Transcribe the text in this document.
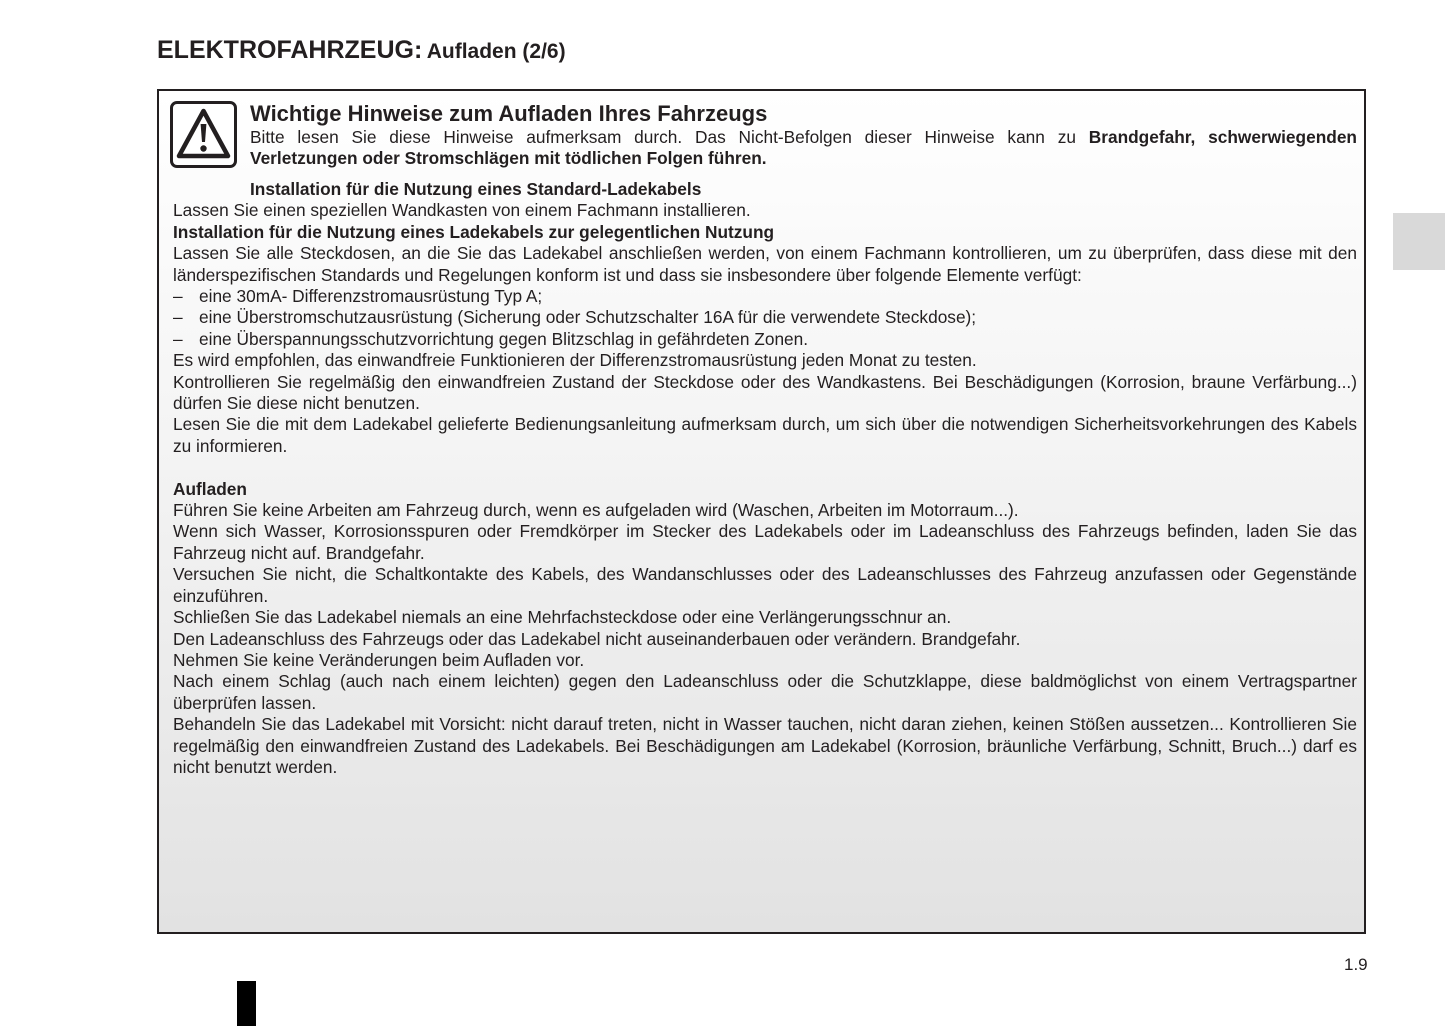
ELEKTROFAHRZEUG: Aufladen (2/6)
Wichtige Hinweise zum Aufladen Ihres Fahrzeugs
Bitte lesen Sie diese Hinweise aufmerksam durch. Das Nicht-Befolgen dieser Hinweise kann zu Brandgefahr, schwerwiegenden Verletzungen oder Stromschlägen mit tödlichen Folgen führen.

Installation für die Nutzung eines Standard-Ladekabels

Lassen Sie einen speziellen Wandkasten von einem Fachmann installieren.

Installation für die Nutzung eines Ladekabels zur gelegentlichen Nutzung

Lassen Sie alle Steckdosen, an die Sie das Ladekabel anschließen werden, von einem Fachmann kontrollieren, um zu überprüfen, dass diese mit den länderspezifischen Standards und Regelungen konform ist und dass sie insbesondere über folgende Elemente verfügt:

– eine 30mA- Differenzstromausrüstung Typ A;
– eine Überstromschutzausrüstung (Sicherung oder Schutzschalter 16A für die verwendete Steckdose);
– eine Überspannungsschutzvorrichtung gegen Blitzschlag in gefährdeten Zonen.

Es wird empfohlen, das einwandfreie Funktionieren der Differenzstromausrüstung jeden Monat zu testen.

Kontrollieren Sie regelmäßig den einwandfreien Zustand der Steckdose oder des Wandkastens. Bei Beschädigungen (Korrosion, braune Verfärbung...) dürfen Sie diese nicht benutzen.

Lesen Sie die mit dem Ladekabel gelieferte Bedienungsanleitung aufmerksam durch, um sich über die notwendigen Sicherheitsvorkehrungen des Kabels zu informieren.

Aufladen

Führen Sie keine Arbeiten am Fahrzeug durch, wenn es aufgeladen wird (Waschen, Arbeiten im Motorraum...).

Wenn sich Wasser, Korrosionsspuren oder Fremdkörper im Stecker des Ladekabels oder im Ladeanschluss des Fahrzeugs befinden, laden Sie das Fahrzeug nicht auf. Brandgefahr.

Versuchen Sie nicht, die Schaltkontakte des Kabels, des Wandanschlusses oder des Ladeanschlusses des Fahrzeug anzufassen oder Gegenstände einzuführen.

Schließen Sie das Ladekabel niemals an eine Mehrfachsteckdose oder eine Verlängerungsschnur an.

Den Ladeanschluss des Fahrzeugs oder das Ladekabel nicht auseinanderbauen oder verändern. Brandgefahr.

Nehmen Sie keine Veränderungen beim Aufladen vor.

Nach einem Schlag (auch nach einem leichten) gegen den Ladeanschluss oder die Schutzklappe, diese baldmöglichst von einem Vertragspartner überprüfen lassen.

Behandeln Sie das Ladekabel mit Vorsicht: nicht darauf treten, nicht in Wasser tauchen, nicht daran ziehen, keinen Stößen aussetzen... Kontrollieren Sie regelmäßig den einwandfreien Zustand des Ladekabels. Bei Beschädigungen am Ladekabel (Korrosion, bräunliche Verfärbung, Schnitt, Bruch...) darf es nicht benutzt werden.

1.9
